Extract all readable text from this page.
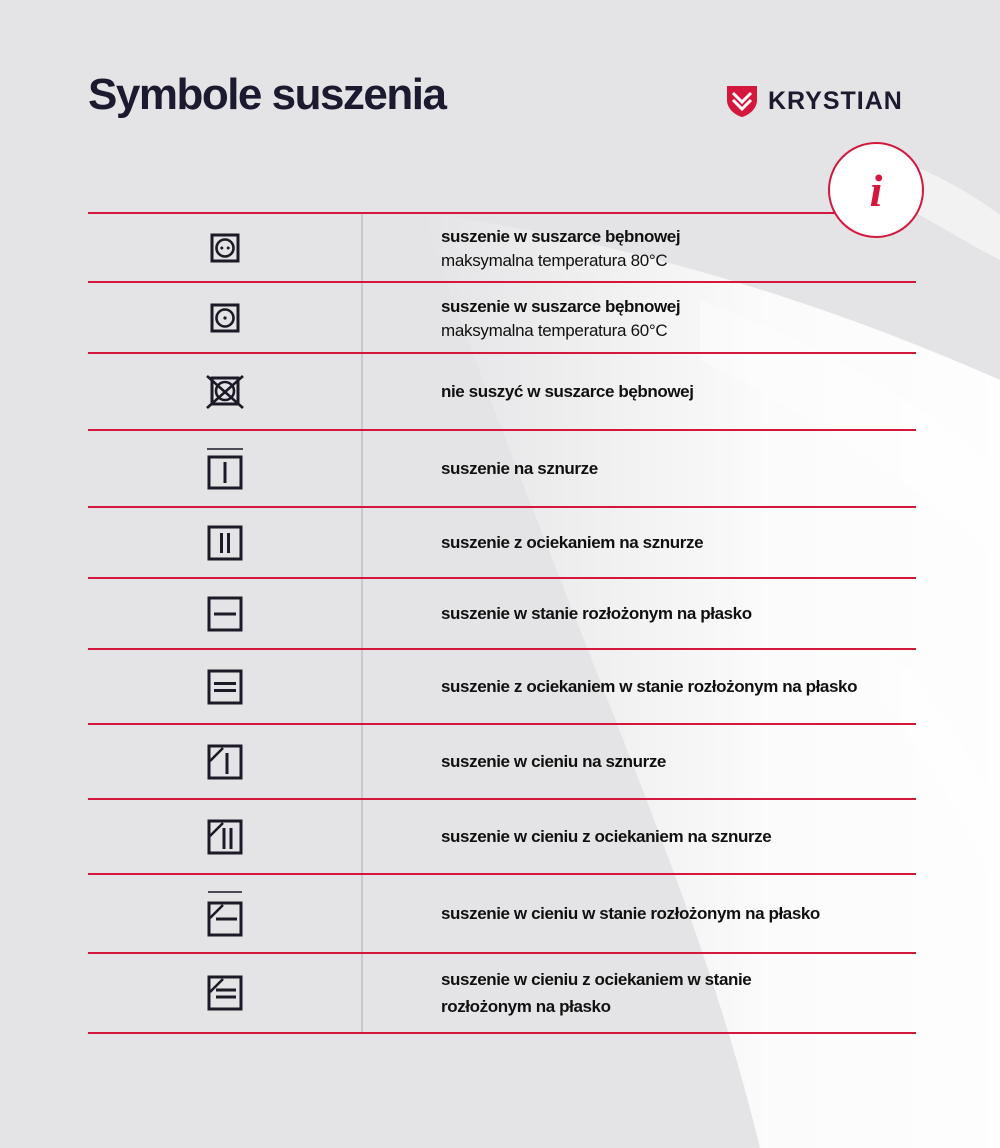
Symbole suszenia	KRYSTIAN
i
suszenie w suszarce bębnowej
maksymalna temperatura 80°C
suszenie w suszarce bębnowej
maksymalna temperatura 60°C
nie suszyć w suszarce bębnowej
suszenie na sznurze
suszenie z ociekaniem na sznurze
suszenie w stanie rozłożonym na płasko
suszenie z ociekaniem w stanie rozłożonym na płasko
suszenie w cieniu na sznurze
suszenie w cieniu z ociekaniem na sznurze
suszenie w cieniu w stanie rozłożonym na płasko
suszenie w cieniu z ociekaniem w stanie
rozłożonym na płasko
